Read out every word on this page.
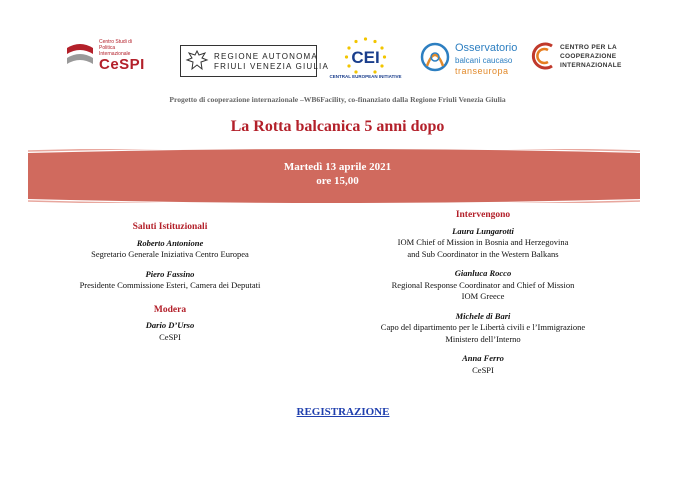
Centro Studi di Politica Internazionale
CeSPI	REGIONE AUTONOMA
FRIULI VENEZIA GIULIA CEI
CENTRAL EUROPEAN INITIATIVE
Osservatorio
balcani caucaso
transeuropa
CENTRO PER LA
COOPERAZIONE
INTERNAZIONALE
Progetto di cooperazione internazionale –WB6Facility, co-finanziato dalla Regione Friuli Venezia Giulia
La Rotta balcanica 5 anni dopo
Martedì 13 aprile 2021
ore 15,00
Saluti Istituzionali
Roberto Antonione
Segretario Generale Iniziativa Centro Europea
Piero Fassino
Presidente Commissione Esteri, Camera dei Deputati
Modera
Dario D’Urso
CeSPI
Intervengono
Laura Lungarotti
IOM Chief of Mission in Bosnia and Herzegovina
and Sub Coordinator in the Western Balkans
Gianluca Rocco
Regional Response Coordinator and Chief of Mission
IOM Greece
Michele di Bari
Capo del dipartimento per le Libertà civili e l’Immigrazione
Ministero dell’Interno
Anna Ferro
CeSPI
REGISTRAZIONE
